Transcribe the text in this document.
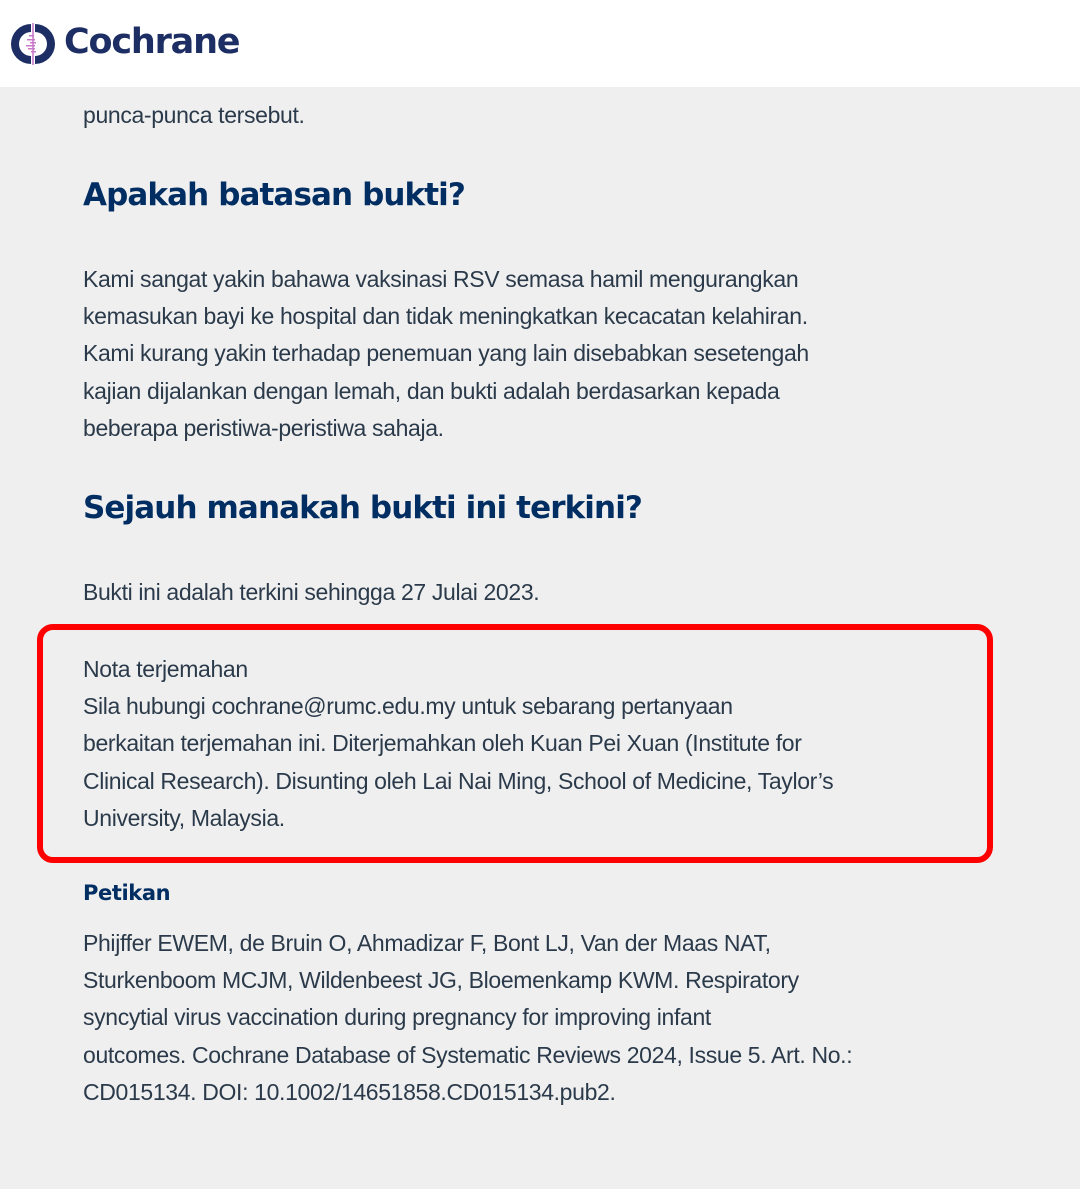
Cochrane
punca-punca tersebut.
Apakah batasan bukti?
Kami sangat yakin bahawa vaksinasi RSV semasa hamil mengurangkan
kemasukan bayi ke hospital dan tidak meningkatkan kecacatan kelahiran.
Kami kurang yakin terhadap penemuan yang lain disebabkan sesetengah
kajian dijalankan dengan lemah, dan bukti adalah berdasarkan kepada
beberapa peristiwa-peristiwa sahaja.
Sejauh manakah bukti ini terkini?
Bukti ini adalah terkini sehingga 27 Julai 2023.
Nota terjemahan
Sila hubungi cochrane@rumc.edu.my untuk sebarang pertanyaan
berkaitan terjemahan ini. Diterjemahkan oleh Kuan Pei Xuan (Institute for
Clinical Research). Disunting oleh Lai Nai Ming, School of Medicine, Taylor’s
University, Malaysia.
Petikan
Phijffer EWEM, de Bruin O, Ahmadizar F, Bont LJ, Van der Maas NAT,
Sturkenboom MCJM, Wildenbeest JG, Bloemenkamp KWM. Respiratory
syncytial virus vaccination during pregnancy for improving infant
outcomes. Cochrane Database of Systematic Reviews 2024, Issue 5. Art. No.:
CD015134. DOI: 10.1002/14651858.CD015134.pub2.
